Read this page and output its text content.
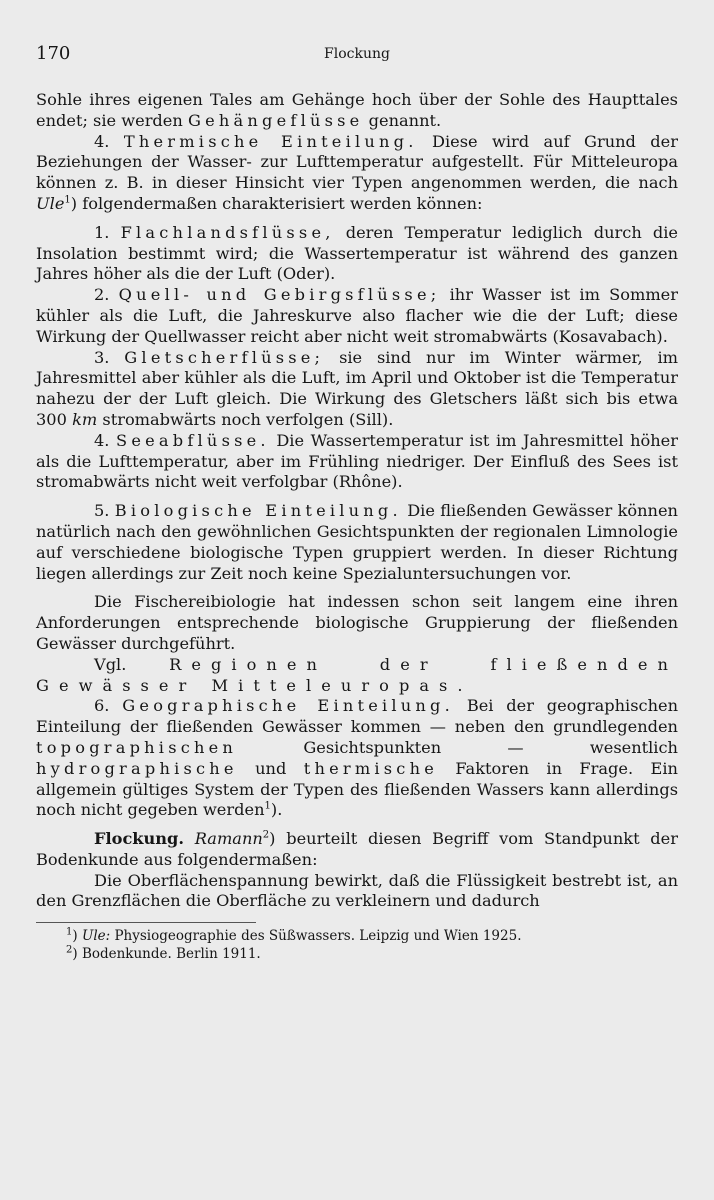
170	Flockung

Sohle ihres eigenen Tales am Gehänge hoch über der Sohle des Haupttales endet; sie werden Gehängeflüsse genannt.

4. Thermische Einteilung. Diese wird auf Grund der Beziehungen der Wasser- zur Lufttemperatur aufgestellt. Für Mitteleuropa können z. B. in dieser Hinsicht vier Typen angenommen werden, die nach Ule$^1$) folgendermaßen charakterisiert werden können:

1. Flachlandsflüsse, deren Temperatur lediglich durch die Insolation bestimmt wird; die Wassertemperatur ist während des ganzen Jahres höher als die der Luft (Oder).

2. Quell- und Gebirgsflüsse; ihr Wasser ist im Sommer kühler als die Luft, die Jahreskurve also flacher wie die der Luft; diese Wirkung der Quellwasser reicht aber nicht weit stromabwärts (Kosavabach).

3. Gletscherflüsse; sie sind nur im Winter wärmer, im Jahresmittel aber kühler als die Luft, im April und Oktober ist die Temperatur nahezu der der Luft gleich. Die Wirkung des Gletschers läßt sich bis etwa 300 km stromabwärts noch verfolgen (Sill).

4. Seeabflüsse. Die Wassertemperatur ist im Jahresmittel höher als die Lufttemperatur, aber im Frühling niedriger. Der Einfluß des Sees ist stromabwärts nicht weit verfolgbar (Rhône).

5. Biologische Einteilung. Die fließenden Gewässer können natürlich nach den gewöhnlichen Gesichtspunkten der regionalen Limnologie auf verschiedene biologische Typen gruppiert werden. In dieser Richtung liegen allerdings zur Zeit noch keine Spezialuntersuchungen vor.

Die Fischereibiologie hat indessen schon seit langem eine ihren Anforderungen entsprechende biologische Gruppierung der fließenden Gewässer durchgeführt.

Vgl.	Regionen der fließenden Gewässer Mitteleuropas.

6. Geographische Einteilung. Bei der geographischen Einteilung der fließenden Gewässer kommen — neben den grundlegenden topographischen	Gesichtspunkten — wesentlich hydrographische und thermische Faktoren in Frage. Ein allgemein gültiges System der Typen des fließenden Wassers kann allerdings noch nicht gegeben werden$^1$).

Flockung. Ramann$^2$) beurteilt diesen Begriff vom Standpunkt der Bodenkunde aus folgendermaßen:

Die Oberflächenspannung bewirkt, daß die Flüssigkeit bestrebt ist, an den Grenzflächen die Oberfläche zu verkleinern und dadurch

$^1$) Ule: Physiogeographie des Süßwassers. Leipzig und Wien 1925.
$^2$) Bodenkunde. Berlin 1911.
